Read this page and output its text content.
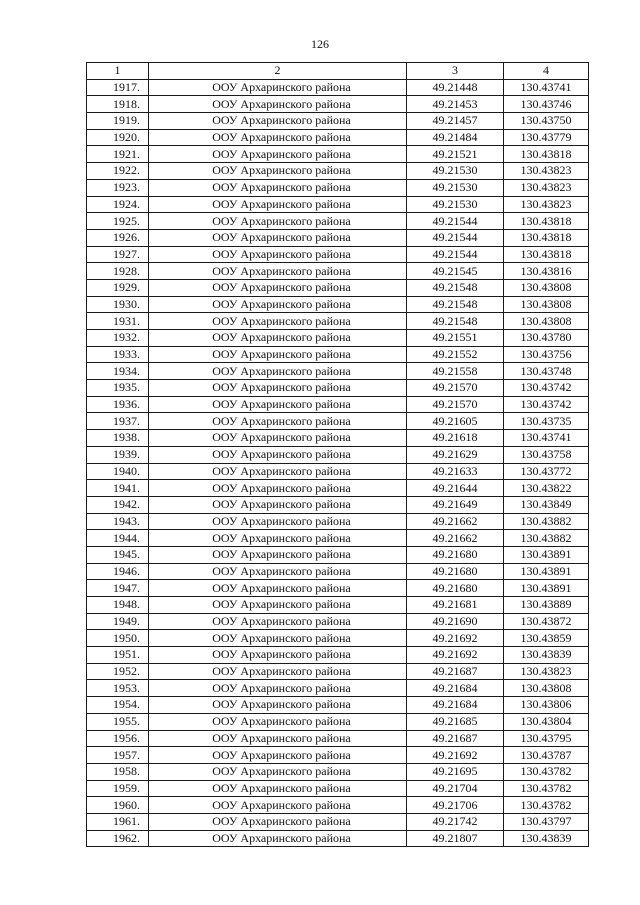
126
1	2	3	4
1917.	ООУ Архаринского района	49.21448	130.43741
1918.	ООУ Архаринского района	49.21453	130.43746
1919.	ООУ Архаринского района	49.21457	130.43750
1920.	ООУ Архаринского района	49.21484	130.43779
1921.	ООУ Архаринского района	49.21521	130.43818
1922.	ООУ Архаринского района	49.21530	130.43823
1923.	ООУ Архаринского района	49.21530	130.43823
1924.	ООУ Архаринского района	49.21530	130.43823
1925.	ООУ Архаринского района	49.21544	130.43818
1926.	ООУ Архаринского района	49.21544	130.43818
1927.	ООУ Архаринского района	49.21544	130.43818
1928.	ООУ Архаринского района	49.21545	130.43816
1929.	ООУ Архаринского района	49.21548	130.43808
1930.	ООУ Архаринского района	49.21548	130.43808
1931.	ООУ Архаринского района	49.21548	130.43808
1932.	ООУ Архаринского района	49.21551	130.43780
1933.	ООУ Архаринского района	49.21552	130.43756
1934.	ООУ Архаринского района	49.21558	130.43748
1935.	ООУ Архаринского района	49.21570	130.43742
1936.	ООУ Архаринского района	49.21570	130.43742
1937.	ООУ Архаринского района	49.21605	130.43735
1938.	ООУ Архаринского района	49.21618	130.43741
1939.	ООУ Архаринского района	49.21629	130.43758
1940.	ООУ Архаринского района	49.21633	130.43772
1941.	ООУ Архаринского района	49.21644	130.43822
1942.	ООУ Архаринского района	49.21649	130.43849
1943.	ООУ Архаринского района	49.21662	130.43882
1944.	ООУ Архаринского района	49.21662	130.43882
1945.	ООУ Архаринского района	49.21680	130.43891
1946.	ООУ Архаринского района	49.21680	130.43891
1947.	ООУ Архаринского района	49.21680	130.43891
1948.	ООУ Архаринского района	49.21681	130.43889
1949.	ООУ Архаринского района	49.21690	130.43872
1950.	ООУ Архаринского района	49.21692	130.43859
1951.	ООУ Архаринского района	49.21692	130.43839
1952.	ООУ Архаринского района	49.21687	130.43823
1953.	ООУ Архаринского района	49.21684	130.43808
1954.	ООУ Архаринского района	49.21684	130.43806
1955.	ООУ Архаринского района	49.21685	130.43804
1956.	ООУ Архаринского района	49.21687	130.43795
1957.	ООУ Архаринского района	49.21692	130.43787
1958.	ООУ Архаринского района	49.21695	130.43782
1959.	ООУ Архаринского района	49.21704	130.43782
1960.	ООУ Архаринского района	49.21706	130.43782
1961.	ООУ Архаринского района	49.21742	130.43797
1962.	ООУ Архаринского района	49.21807	130.43839
